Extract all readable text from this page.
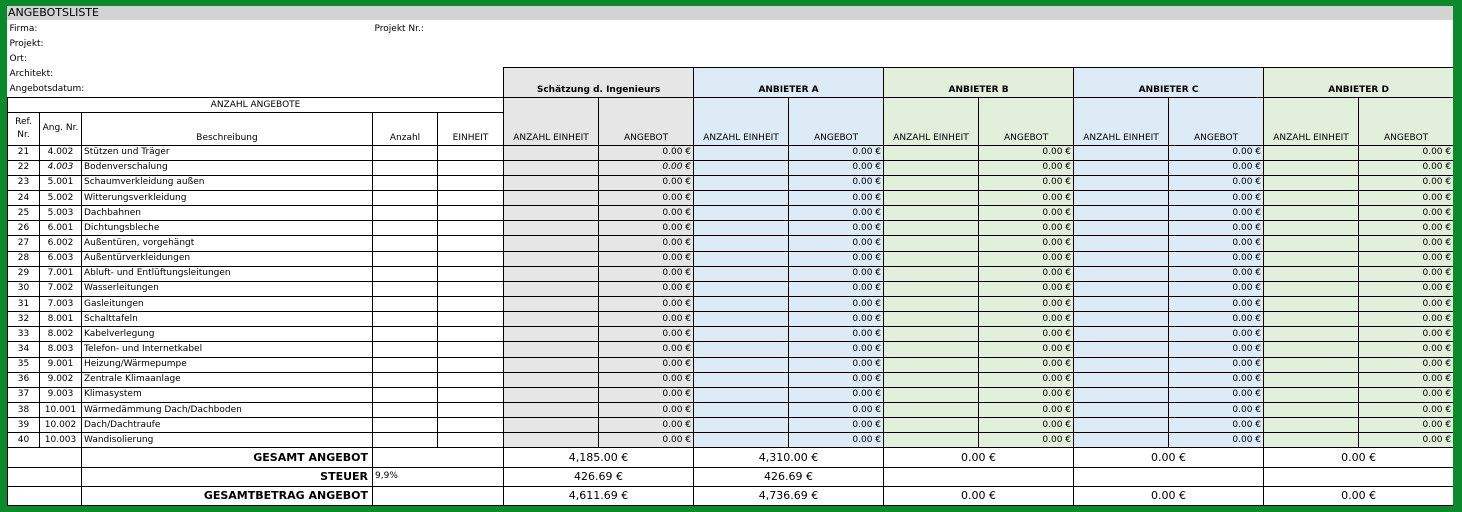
ANGEBOTSLISTE
Firma:			Projekt Nr.:											
Projekt:														
Ort:														
Architekt:					Schätzung d. Ingenieurs		ANBIETER A		ANBIETER B		ANBIETER C		ANBIETER D	
Angebotsdatum:														
ANZAHL ANGEBOTE					ANZAHL EINHEIT	ANGEBOT	ANZAHL EINHEIT	ANGEBOT	ANZAHL EINHEIT	ANGEBOT	ANZAHL EINHEIT	ANGEBOT	ANZAHL EINHEIT	ANGEBOT
Ref. Nr.	Ang. Nr.	Beschreibung	Anzahl	EINHEIT										
21	4.002	Stützen und Träger				0.00 €		0.00 €		0.00 €		0.00 €		0.00 €
22	4.003	Bodenverschalung				0.00 €		0.00 €		0.00 €		0.00 €		0.00 €
23	5.001	Schaumverkleidung außen				0.00 €		0.00 €		0.00 €		0.00 €		0.00 €
24	5.002	Witterungsverkleidung				0.00 €		0.00 €		0.00 €		0.00 €		0.00 €
25	5.003	Dachbahnen				0.00 €		0.00 €		0.00 €		0.00 €		0.00 €
26	6.001	Dichtungsbleche				0.00 €		0.00 €		0.00 €		0.00 €		0.00 €
27	6.002	Außentüren, vorgehängt				0.00 €		0.00 €		0.00 €		0.00 €		0.00 €
28	6.003	Außentürverkleidungen				0.00 €		0.00 €		0.00 €		0.00 €		0.00 €
29	7.001	Abluft- und Entlüftungsleitungen				0.00 €		0.00 €		0.00 €		0.00 €		0.00 €
30	7.002	Wasserleitungen				0.00 €		0.00 €		0.00 €		0.00 €		0.00 €
31	7.003	Gasleitungen				0.00 €		0.00 €		0.00 €		0.00 €		0.00 €
32	8.001	Schalttafeln				0.00 €		0.00 €		0.00 €		0.00 €		0.00 €
33	8.002	Kabelverlegung				0.00 €		0.00 €		0.00 €		0.00 €		0.00 €
34	8.003	Telefon- und Internetkabel				0.00 €		0.00 €		0.00 €		0.00 €		0.00 €
35	9.001	Heizung/Wärmepumpe				0.00 €		0.00 €		0.00 €		0.00 €		0.00 €
36	9.002	Zentrale Klimaanlage				0.00 €		0.00 €		0.00 €		0.00 €		0.00 €
37	9.003	Klimasystem				0.00 €		0.00 €		0.00 €		0.00 €		0.00 €
38	10.001	Wärmedämmung Dach/Dachboden				0.00 €		0.00 €		0.00 €		0.00 €		0.00 €
39	10.002	Dach/Dachtraufe				0.00 €		0.00 €		0.00 €		0.00 €		0.00 €
40	10.003	Wandisolierung				0.00 €		0.00 €		0.00 €		0.00 €		0.00 €
		GESAMT ANGEBOT			4,185.00 €		4,310.00 €		0.00 €		0.00 €		0.00 €	
		STEUER	9,9%		426.69 €		426.69 €							
		GESAMTBETRAG ANGEBOT			4,611.69 €		4,736.69 €		0.00 €		0.00 €		0.00 €	
